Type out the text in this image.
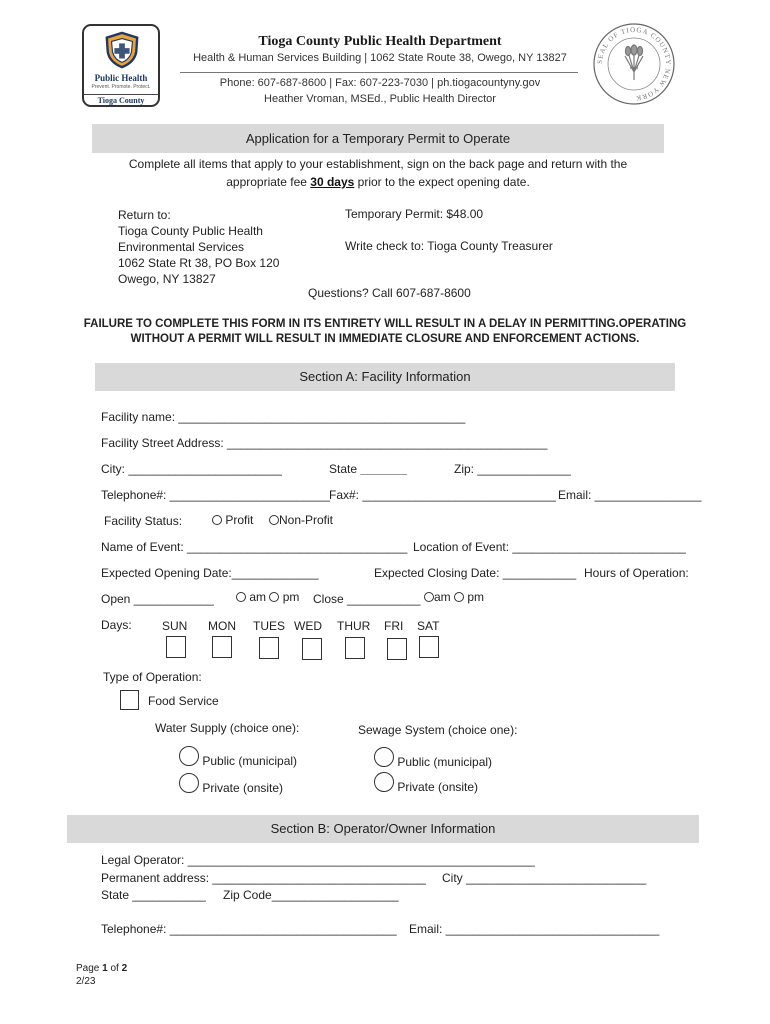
Public Health
Prevent. Promote. Protect.
Tioga County
Tioga County Public Health Department
Health & Human Services Building | 1062 State Route 38, Owego, NY 13827
Phone: 607-687-8600 | Fax: 607-223-7030 | ph.tiogacountyny.gov
Heather Vroman, MSEd., Public Health Director
SEAL OF TIOGA COUNTY NEW YORK
Application for a Temporary Permit to Operate
Complete all items that apply to your establishment, sign on the back page and return with the
appropriate fee 30 days prior to the expect opening date.
Return to:
Tioga County Public Health
Environmental Services
1062 State Rt 38, PO Box 120
Owego, NY 13827
Temporary Permit: $48.00
Write check to: Tioga County Treasurer
Questions? Call 607-687-8600
FAILURE TO COMPLETE THIS FORM IN ITS ENTIRETY WILL RESULT IN A DELAY IN PERMITTING.OPERATING
WITHOUT A PERMIT WILL RESULT IN IMMEDIATE CLOSURE AND ENFORCEMENT ACTIONS.
Section A: Facility Information
Facility name: ___________________________________________
Facility Street Address: ________________________________________________
City: _______________________	State _______	Zip: ______________
Telephone#: ________________________ Fax#: _____________________________ Email: ________________
Facility Status:	Profit	Non-Profit
Name of Event: _________________________________ Location of Event: __________________________
Expected Opening Date:_____________	Expected Closing Date: ___________ Hours of Operation:
Open ____________	am pm Close ___________	am pm
Days:	SUN MON TUES WED THUR FRI SAT
Type of Operation:
Food Service
Water Supply (choice one):	Sewage System (choice one):
Public (municipal)
Private (onsite)
Public (municipal)
Private (onsite)
Section B: Operator/Owner Information
Legal Operator: ____________________________________________________
Permanent address: ________________________________ City ___________________________
State ___________ Zip Code___________________
Telephone#: __________________________________ Email: ________________________________
Page 1 of 2
2/23
